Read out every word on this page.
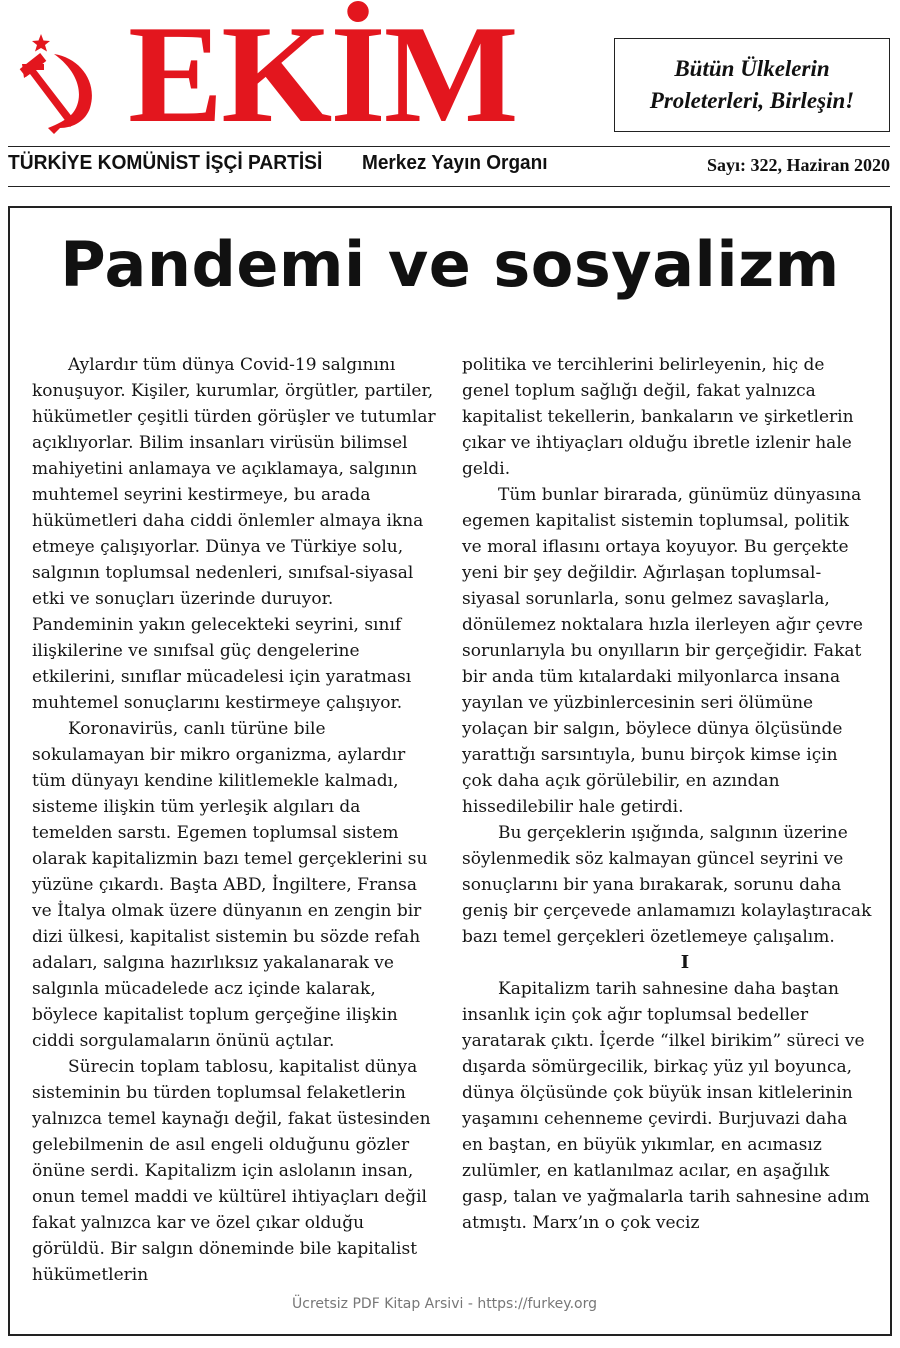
EKİM	Bütün Ülkelerin
Proleterleri, Birleşin!
TÜRKİYE KOMÜNİST İŞÇİ PARTİSİ Merkez Yayın Organı	Sayı: 322, Haziran 2020
Pandemi ve sosyalizm

Aylardır tüm dünya Covid-19 salgınını konuşuyor. Kişiler, kurumlar, örgütler, partiler, hükümetler çeşitli türden görüşler ve tutumlar açıklıyorlar. Bilim insanları virüsün bilimsel mahiyetini anlamaya ve açıklamaya, salgının muhtemel seyrini kestirmeye, bu arada hükümetleri daha ciddi önlemler almaya ikna etmeye çalışıyorlar. Dünya ve Türkiye solu, salgının toplumsal nedenleri, sınıfsal-siyasal etki ve sonuçları üzerinde duruyor. Pandeminin yakın gelecekteki seyrini, sınıf ilişkilerine ve sınıfsal güç dengelerine etkilerini, sınıflar mücadelesi için yaratması muhtemel sonuçlarını kestirmeye çalışıyor.

Koronavirüs, canlı türüne bile sokulamayan bir mikro organizma, aylardır tüm dünyayı kendine kilitlemekle kalmadı, sisteme ilişkin tüm yerleşik algıları da temelden sarstı. Egemen toplumsal sistem olarak kapitalizmin bazı temel gerçeklerini su yüzüne çıkardı. Başta ABD, İngiltere, Fransa ve İtalya olmak üzere dünyanın en zengin bir dizi ülkesi, kapitalist sistemin bu sözde refah adaları, salgına hazırlıksız yakalanarak ve salgınla mücadelede acz içinde kalarak, böylece kapitalist toplum gerçeğine ilişkin ciddi sorgulamaların önünü açtılar.

Sürecin toplam tablosu, kapitalist dünya sisteminin bu türden toplumsal felaketlerin yalnızca temel kaynağı değil, fakat üstesinden gelebilmenin de asıl engeli olduğunu gözler önüne serdi. Kapitalizm için aslolanın insan, onun temel maddi ve kültürel ihtiyaçları değil fakat yalnızca kar ve özel çıkar olduğu görüldü. Bir salgın döneminde bile kapitalist hükümetlerin

politika ve tercihlerini belirleyenin, hiç de genel toplum sağlığı değil, fakat yalnızca kapitalist tekellerin, bankaların ve şirketlerin çıkar ve ihtiyaçları olduğu ibretle izlenir hale geldi.

Tüm bunlar birarada, günümüz dünyasına egemen kapitalist sistemin toplumsal, politik ve moral iflasını ortaya koyuyor. Bu gerçekte yeni bir şey değildir. Ağırlaşan toplumsal-siyasal sorunlarla, sonu gelmez savaşlarla, dönülemez noktalara hızla ilerleyen ağır çevre sorunlarıyla bu onyılların bir gerçeğidir. Fakat bir anda tüm kıtalardaki milyonlarca insana yayılan ve yüzbinlercesinin seri ölümüne yolaçan bir salgın, böylece dünya ölçüsünde yarattığı sarsıntıyla, bunu birçok kimse için çok daha açık görülebilir, en azından hissedilebilir hale getirdi.

Bu gerçeklerin ışığında, salgının üzerine söylenmedik söz kalmayan güncel seyrini ve sonuçlarını bir yana bırakarak, sorunu daha geniş bir çerçevede anlamamızı kolaylaştıracak bazı temel gerçekleri özetlemeye çalışalım.

I

Kapitalizm tarih sahnesine daha baştan insanlık için çok ağır toplumsal bedeller yaratarak çıktı. İçerde “ilkel birikim” süreci ve dışarda sömürgecilik, birkaç yüz yıl boyunca, dünya ölçüsünde çok büyük insan kitlelerinin yaşamını cehenneme çevirdi. Burjuvazi daha en baştan, en büyük yıkımlar, en acımasız zulümler, en katlanılmaz acılar, en aşağılık gasp, talan ve yağmalarla tarih sahnesine adım atmıştı. Marx’ın o çok veciz

Ücretsiz PDF Kitap Arsivi - https://furkey.org
